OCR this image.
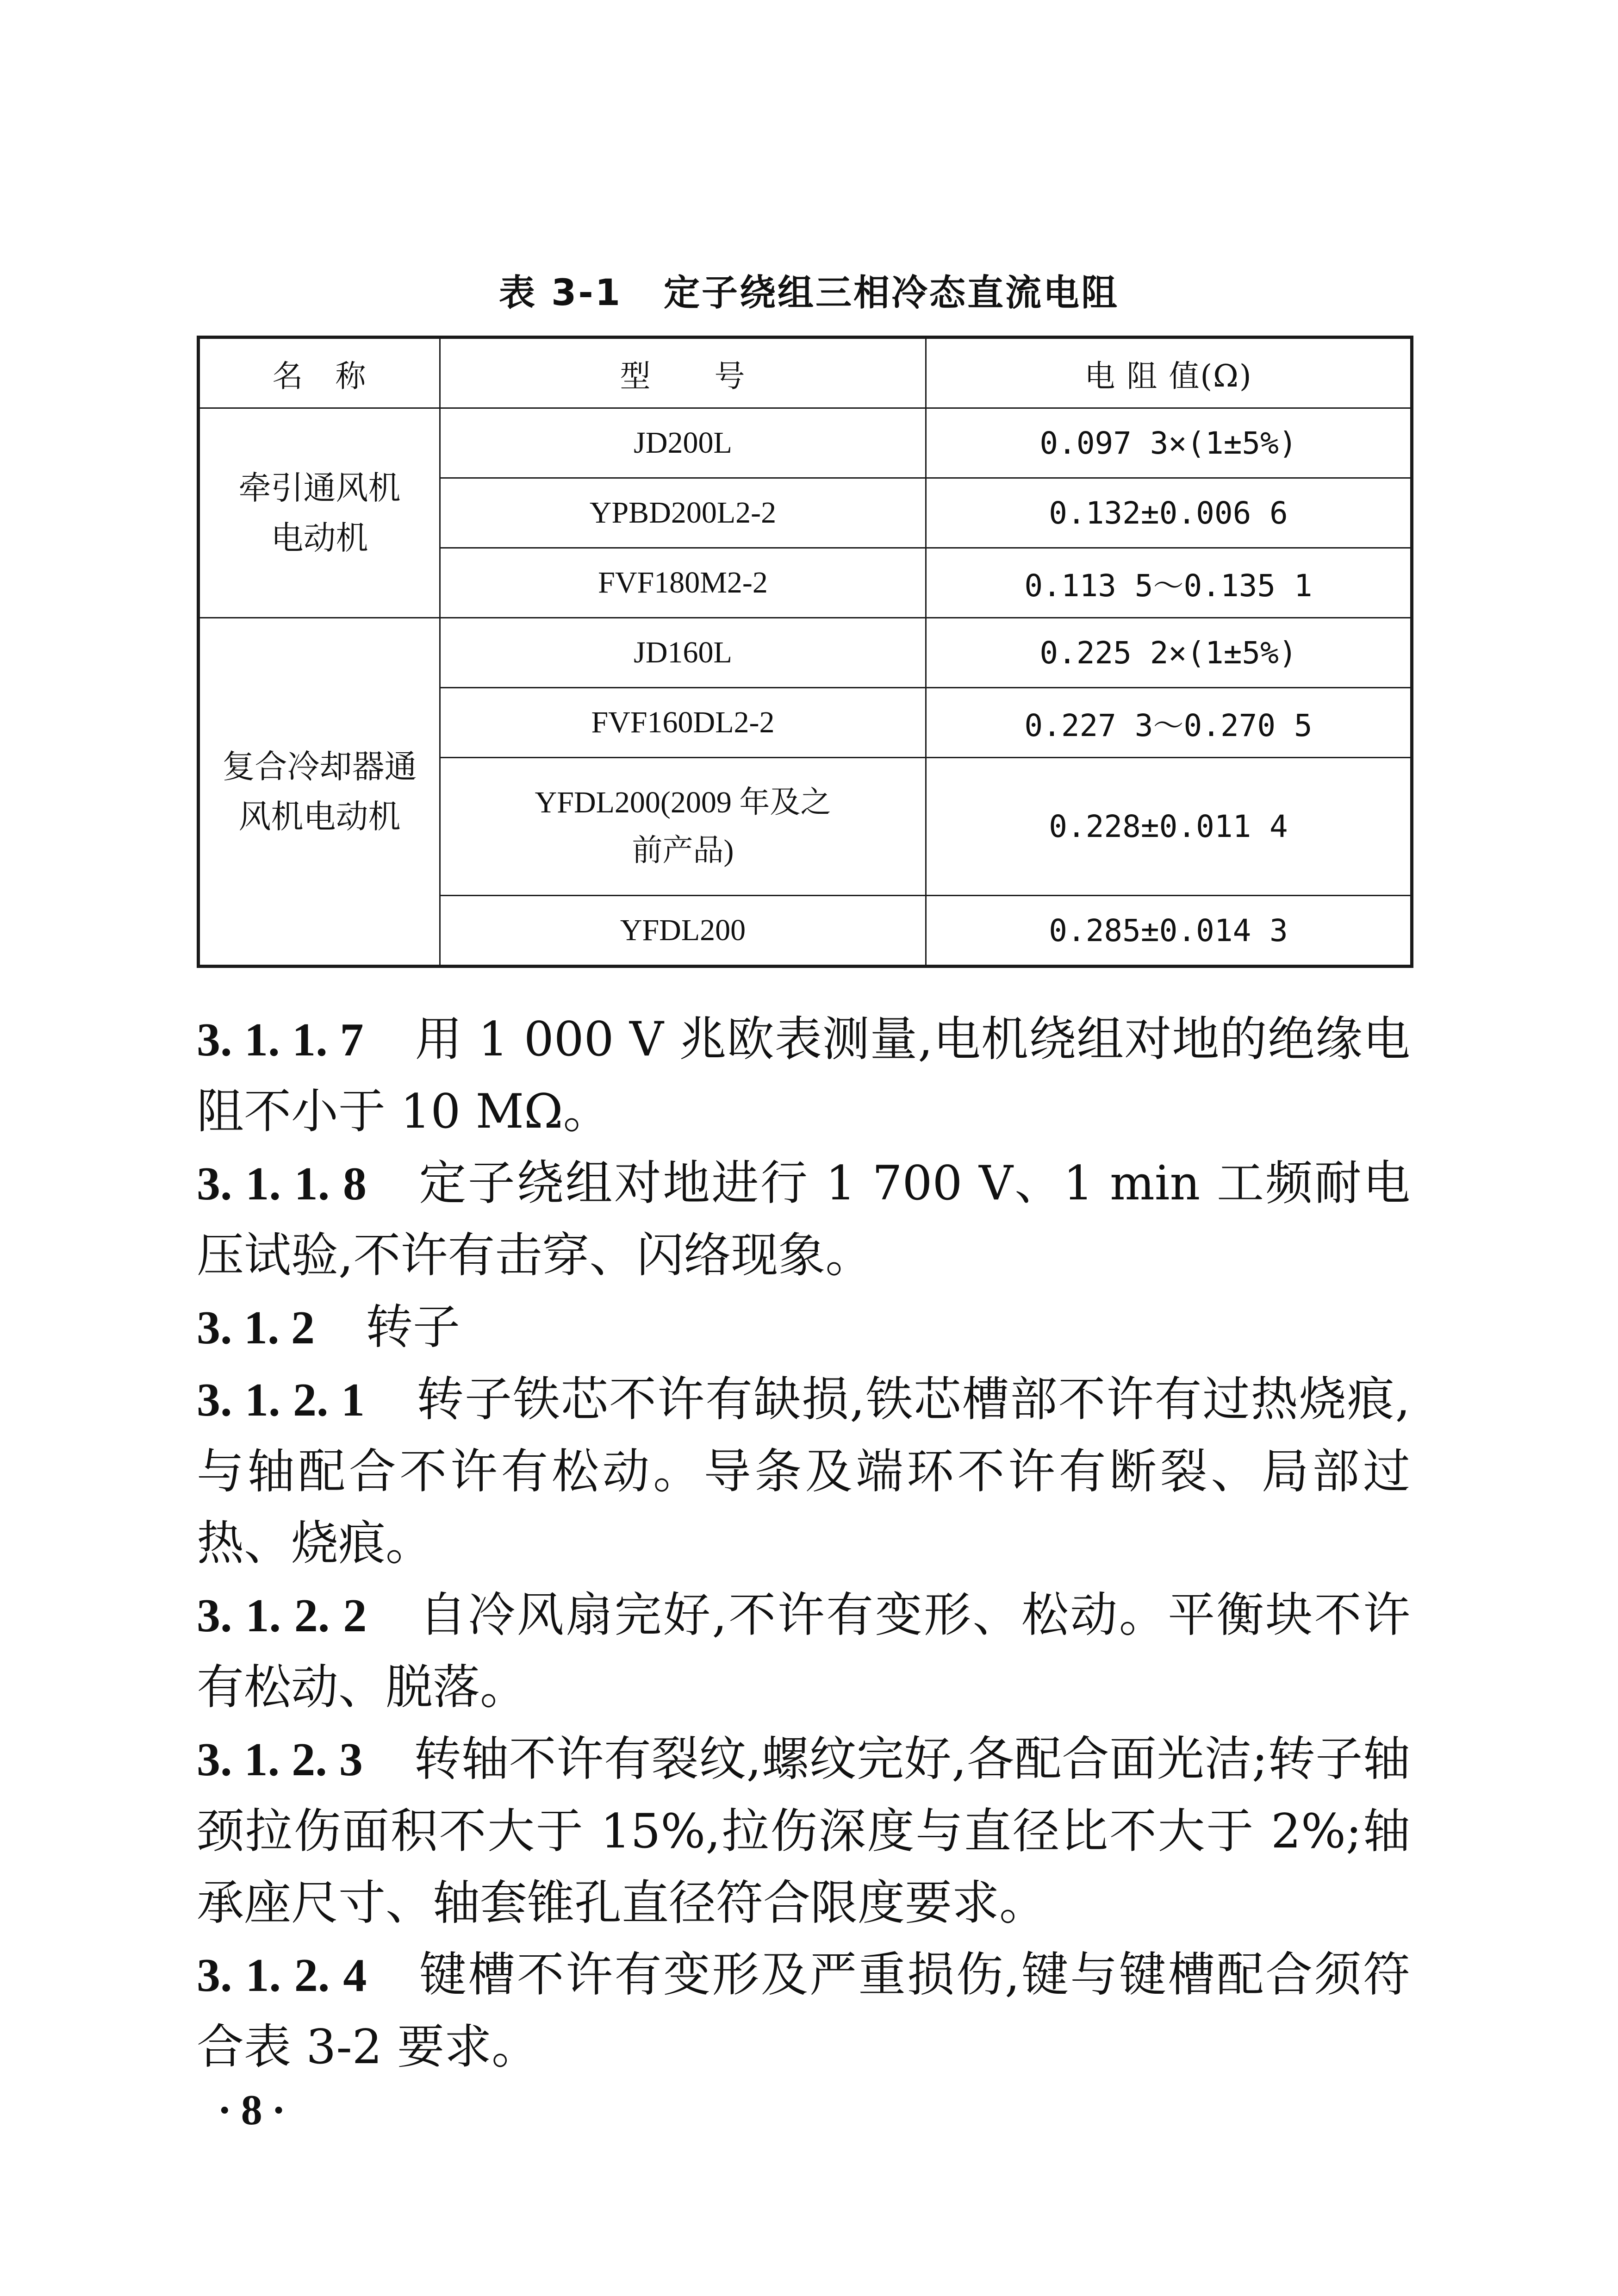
表 3-1 定子绕组三相冷态直流电阻
名　称	型　　号	电 阻 值(Ω)
牵引通风机电动机	JD200L	0.097 3×(1±5%)
	YPBD200L2-2	0.132±0.006 6
	FVF180M2-2	0.113 5～0.135 1
复合冷却器通风机电动机	JD160L	0.225 2×(1±5%)
	FVF160DL2-2	0.227 3～0.270 5
	YFDL200(2009 年及之前产品)	0.228±0.011 4
	YFDL200	0.285±0.014 3

3. 1. 1. 7 用 1 000 V 兆欧表测量,电机绕组对地的绝缘电阻不小于 10 MΩ。

3. 1. 1. 8 定子绕组对地进行 1 700 V、1 min 工频耐电压试验,不许有击穿、闪络现象。

3. 1. 2 转子

3. 1. 2. 1 转子铁芯不许有缺损,铁芯槽部不许有过热烧痕,与轴配合不许有松动。导条及端环不许有断裂、局部过热、烧痕。

3. 1. 2. 2 自冷风扇完好,不许有变形、松动。平衡块不许有松动、脱落。

3. 1. 2. 3 转轴不许有裂纹,螺纹完好,各配合面光洁;转子轴颈拉伤面积不大于 15%,拉伤深度与直径比不大于 2%;轴承座尺寸、轴套锥孔直径符合限度要求。

3. 1. 2. 4 键槽不许有变形及严重损伤,键与键槽配合须符合表 3-2 要求。

·8·
